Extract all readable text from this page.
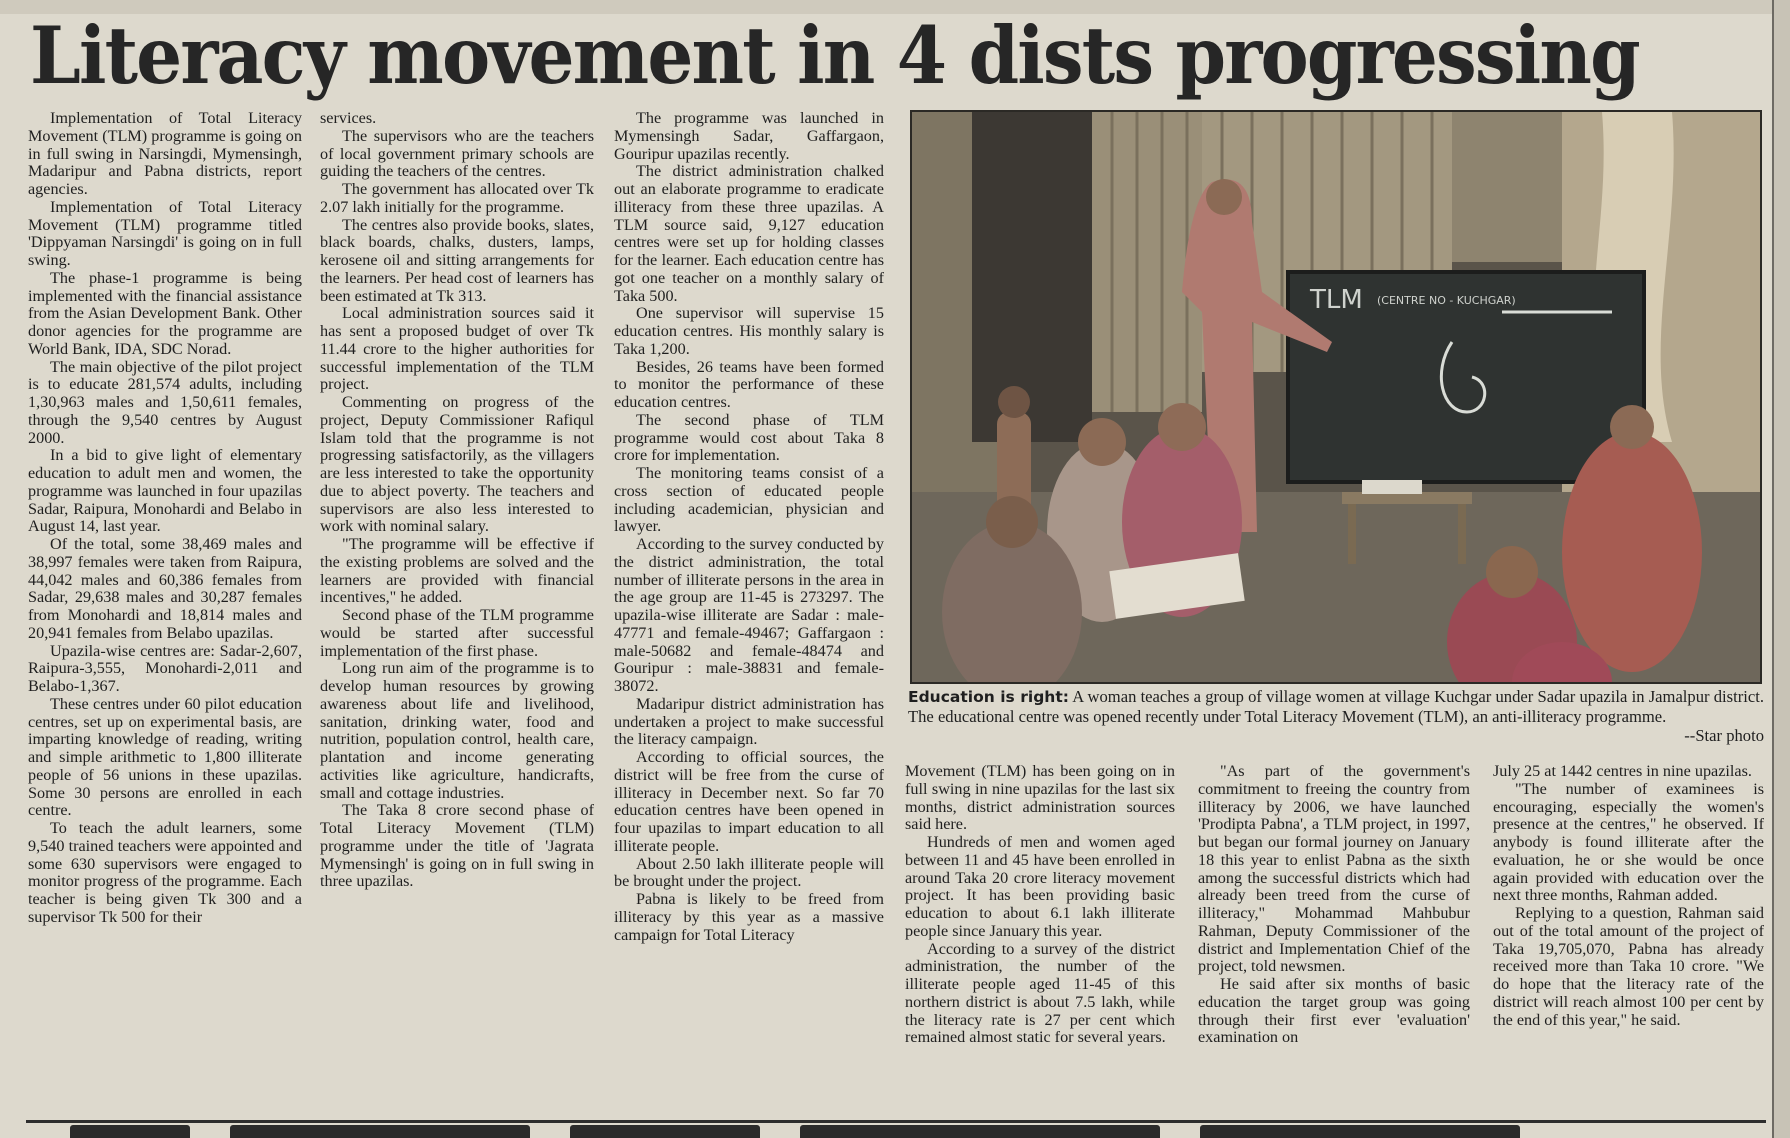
Literacy movement in 4 dists progressing

Implementation of Total Literacy Movement (TLM) programme is going on in full swing in Narsingdi, Mymensingh, Madaripur and Pabna districts, report agencies.

Implementation of Total Literacy Movement (TLM) programme titled 'Dippyaman Narsingdi' is going on in full swing.

The phase-1 programme is being implemented with the financial assistance from the Asian Development Bank. Other donor agencies for the programme are World Bank, IDA, SDC Norad.

The main objective of the pilot project is to educate 281,574 adults, including 1,30,963 males and 1,50,611 females, through the 9,540 centres by August 2000.

In a bid to give light of elementary education to adult men and women, the programme was launched in four upazilas Sadar, Raipura, Monohardi and Belabo in August 14, last year.

Of the total, some 38,469 males and 38,997 females were taken from Raipura, 44,042 males and 60,386 females from Sadar, 29,638 males and 30,287 females from Monohardi and 18,814 males and 20,941 females from Belabo upazilas.

Upazila-wise centres are: Sadar-2,607, Raipura-3,555, Monohardi-2,011 and Belabo-1,367.

These centres under 60 pilot education centres, set up on experimental basis, are imparting knowledge of reading, writing and simple arithmetic to 1,800 illiterate people of 56 unions in these upazilas. Some 30 persons are enrolled in each centre.

To teach the adult learners, some 9,540 trained teachers were appointed and some 630 supervisors were engaged to monitor progress of the programme. Each teacher is being given Tk 300 and a supervisor Tk 500 for their

services.

The supervisors who are the teachers of local government primary schools are guiding the teachers of the centres.

The government has allocated over Tk 2.07 lakh initially for the programme.

The centres also provide books, slates, black boards, chalks, dusters, lamps, kerosene oil and sitting arrangements for the learners. Per head cost of learners has been estimated at Tk 313.

Local administration sources said it has sent a proposed budget of over Tk 11.44 crore to the higher authorities for successful implementation of the TLM project.

Commenting on progress of the project, Deputy Commissioner Rafiqul Islam told that the programme is not progressing satisfactorily, as the villagers are less interested to take the opportunity due to abject poverty. The teachers and supervisors are also less interested to work with nominal salary.

"The programme will be effective if the existing problems are solved and the learners are provided with financial incentives," he added.

Second phase of the TLM programme would be started after successful implementation of the first phase.

Long run aim of the programme is to develop human resources by growing awareness about life and livelihood, sanitation, drinking water, food and nutrition, population control, health care, plantation and income generating activities like agriculture, handicrafts, small and cottage industries.

The Taka 8 crore second phase of Total Literacy Movement (TLM) programme under the title of 'Jagrata Mymensingh' is going on in full swing in three upazilas.

The programme was launched in Mymensingh Sadar, Gaffargaon, Gouripur upazilas recently.

The district administration chalked out an elaborate programme to eradicate illiteracy from these three upazilas. A TLM source said, 9,127 education centres were set up for holding classes for the learner. Each education centre has got one teacher on a monthly salary of Taka 500.

One supervisor will supervise 15 education centres. His monthly salary is Taka 1,200.

Besides, 26 teams have been formed to monitor the performance of these education centres.

The second phase of TLM programme would cost about Taka 8 crore for implementation.

The monitoring teams consist of a cross section of educated people including academician, physician and lawyer.

According to the survey conducted by the district administration, the total number of illiterate persons in the area in the age group are 11-45 is 273297. The upazila-wise illiterate are Sadar : male-47771 and female-49467; Gaffargaon : male-50682 and female-48474 and Gouripur : male-38831 and female-38072.

Madaripur district administration has undertaken a project to make successful the literacy campaign.

According to official sources, the district will be free from the curse of illiteracy in December next. So far 70 education centres have been opened in four upazilas to impart education to all illiterate people.

About 2.50 lakh illiterate people will be brought under the project.

Pabna is likely to be freed from illiteracy by this year as a massive campaign for Total Literacy

TLM (CENTRE NO - KUCHGAR)
Education is right: A woman teaches a group of village women at village Kuchgar under Sadar upazila in Jamalpur district. The educational centre was opened recently under Total Literacy Movement (TLM), an anti-illiteracy programme.
--Star photo

Movement (TLM) has been going on in full swing in nine upazilas for the last six months, district administration sources said here.

Hundreds of men and women aged between 11 and 45 have been enrolled in around Taka 20 crore literacy movement project. It has been providing basic education to about 6.1 lakh illiterate people since January this year.

According to a survey of the district administration, the number of the illiterate people aged 11-45 of this northern district is about 7.5 lakh, while the literacy rate is 27 per cent which remained almost static for several years.

"As part of the government's commitment to freeing the country from illiteracy by 2006, we have launched 'Prodipta Pabna', a TLM project, in 1997, but began our formal journey on January 18 this year to enlist Pabna as the sixth among the successful districts which had already been treed from the curse of illiteracy," Mohammad Mahbubur Rahman, Deputy Commissioner of the district and Implementation Chief of the project, told newsmen.

He said after six months of basic education the target group was going through their first ever 'evaluation' examination on

July 25 at 1442 centres in nine upazilas.

"The number of examinees is encouraging, especially the women's presence at the centres," he observed. If anybody is found illiterate after the evaluation, he or she would be once again provided with education over the next three months, Rahman added.

Replying to a question, Rahman said out of the total amount of the project of Taka 19,705,070, Pabna has already received more than Taka 10 crore. "We do hope that the literacy rate of the district will reach almost 100 per cent by the end of this year," he said.
